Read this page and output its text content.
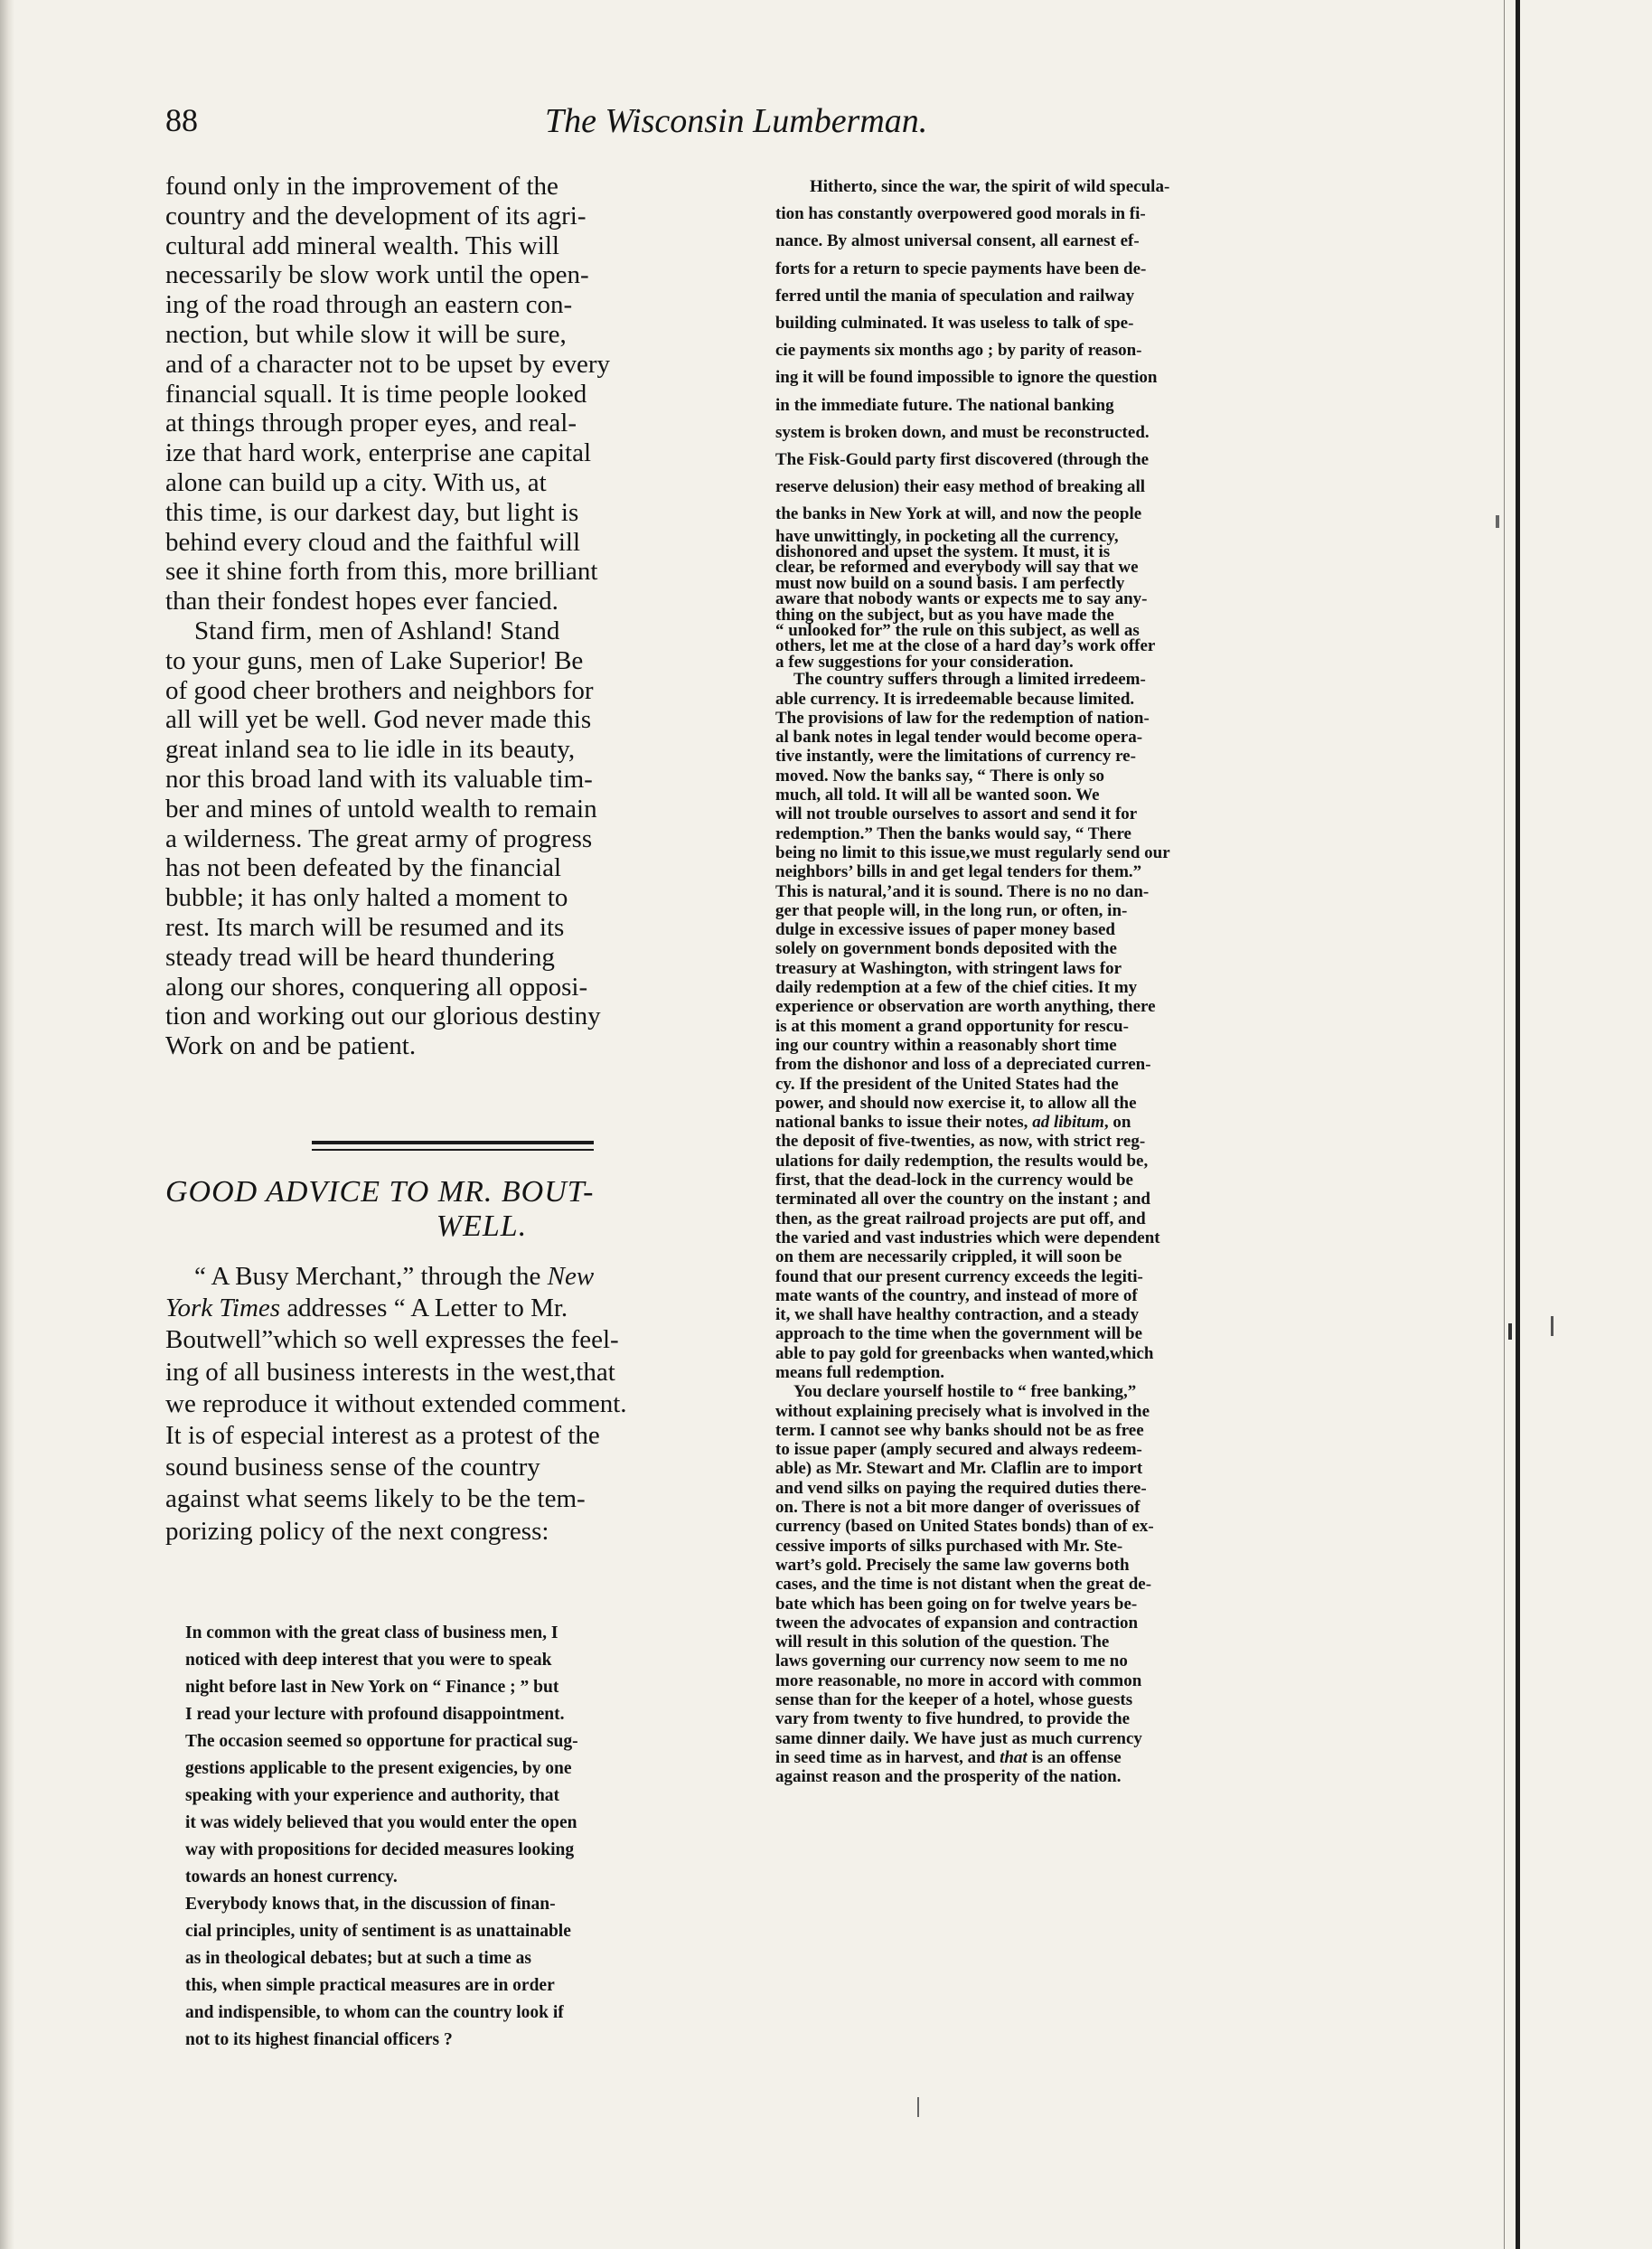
88	The Wisconsin Lumberman.

found only in the improvement of the

country and the development of its agri-

cultural add mineral wealth. This will

necessarily be slow work until the open-

ing of the road through an eastern con-

nection, but while slow it will be sure,

and of a character not to be upset by every

financial squall. It is time people looked

at things through proper eyes, and real-

ize that hard work, enterprise ane capital

alone can build up a city. With us, at

this time, is our darkest day, but light is

behind every cloud and the faithful will

see it shine forth from this, more brilliant

than their fondest hopes ever fancied.

Stand firm, men of Ashland! Stand

to your guns, men of Lake Superior! Be

of good cheer brothers and neighbors for

all will yet be well. God never made this

great inland sea to lie idle in its beauty,

nor this broad land with its valuable tim-

ber and mines of untold wealth to remain

a wilderness. The great army of progress

has not been defeated by the financial

bubble; it has only halted a moment to

rest. Its march will be resumed and its

steady tread will be heard thundering

along our shores, conquering all opposi-

tion and working out our glorious destiny

Work on and be patient.

GOOD ADVICE TO MR. BOUT-
WELL.

“ A Busy Merchant,” through the New

York Times addresses “ A Letter to Mr.

Boutwell”which so well expresses the feel-

ing of all business interests in the west,that

we reproduce it without extended comment.

It is of especial interest as a protest of the

sound business sense of the country

against what seems likely to be the tem-

porizing policy of the next congress:

In common with the great class of business men, I

noticed with deep interest that you were to speak

night before last in New York on “ Finance ; ” but

I read your lecture with profound disappointment.

The occasion seemed so opportune for practical sug-

gestions applicable to the present exigencies, by one

speaking with your experience and authority, that

it was widely believed that you would enter the open

way with propositions for decided measures looking

towards an honest currency.

Everybody knows that, in the discussion of finan-

cial principles, unity of sentiment is as unattainable

as in theological debates; but at such a time as

this, when simple practical measures are in order

and indispensible, to whom can the country look if

not to its highest financial officers ?

Hitherto, since the war, the spirit of wild specula-

tion has constantly overpowered good morals in fi-

nance. By almost universal consent, all earnest ef-

forts for a return to specie payments have been de-

ferred until the mania of speculation and railway

building culminated. It was useless to talk of spe-

cie payments six months ago ; by parity of reason-

ing it will be found impossible to ignore the question

in the immediate future. The national banking

system is broken down, and must be reconstructed.

The Fisk-Gould party first discovered (through the

reserve delusion) their easy method of breaking all

the banks in New York at will, and now the people

have unwittingly, in pocketing all the currency,

dishonored and upset the system. It must, it is

clear, be reformed and everybody will say that we

must now build on a sound basis. I am perfectly

aware that nobody wants or expects me to say any-

thing on the subject, but as you have made the

“ unlooked for” the rule on this subject, as well as

others, let me at the close of a hard day’s work offer

a few suggestions for your consideration.

The country suffers through a limited irredeem-

able currency. It is irredeemable because limited.

The provisions of law for the redemption of nation-

al bank notes in legal tender would become opera-

tive instantly, were the limitations of currency re-

moved. Now the banks say, “ There is only so

much, all told. It will all be wanted soon. We

will not trouble ourselves to assort and send it for

redemption.” Then the banks would say, “ There

being no limit to this issue,we must regularly send our

neighbors’ bills in and get legal tenders for them.”

This is natural,’and it is sound. There is no no dan-

ger that people will, in the long run, or often, in-

dulge in excessive issues of paper money based

solely on government bonds deposited with the

treasury at Washington, with stringent laws for

daily redemption at a few of the chief cities. It my

experience or observation are worth anything, there

is at this moment a grand opportunity for rescu-

ing our country within a reasonably short time

from the dishonor and loss of a depreciated curren-

cy. If the president of the United States had the

power, and should now exercise it, to allow all the

national banks to issue their notes, ad libitum, on

the deposit of five-twenties, as now, with strict reg-

ulations for daily redemption, the results would be,

first, that the dead-lock in the currency would be

terminated all over the country on the instant ; and

then, as the great railroad projects are put off, and

the varied and vast industries which were dependent

on them are necessarily crippled, it will soon be

found that our present currency exceeds the legiti-

mate wants of the country, and instead of more of

it, we shall have healthy contraction, and a steady

approach to the time when the government will be

able to pay gold for greenbacks when wanted,which

means full redemption.

You declare yourself hostile to “ free banking,”

without explaining precisely what is involved in the

term. I cannot see why banks should not be as free

to issue paper (amply secured and always redeem-

able) as Mr. Stewart and Mr. Claflin are to import

and vend silks on paying the required duties there-

on. There is not a bit more danger of overissues of

currency (based on United States bonds) than of ex-

cessive imports of silks purchased with Mr. Ste-

wart’s gold. Precisely the same law governs both

cases, and the time is not distant when the great de-

bate which has been going on for twelve years be-

tween the advocates of expansion and contraction

will result in this solution of the question. The

laws governing our currency now seem to me no

more reasonable, no more in accord with common

sense than for the keeper of a hotel, whose guests

vary from twenty to five hundred, to provide the

same dinner daily. We have just as much currency

in seed time as in harvest, and that is an offense

against reason and the prosperity of the nation.
